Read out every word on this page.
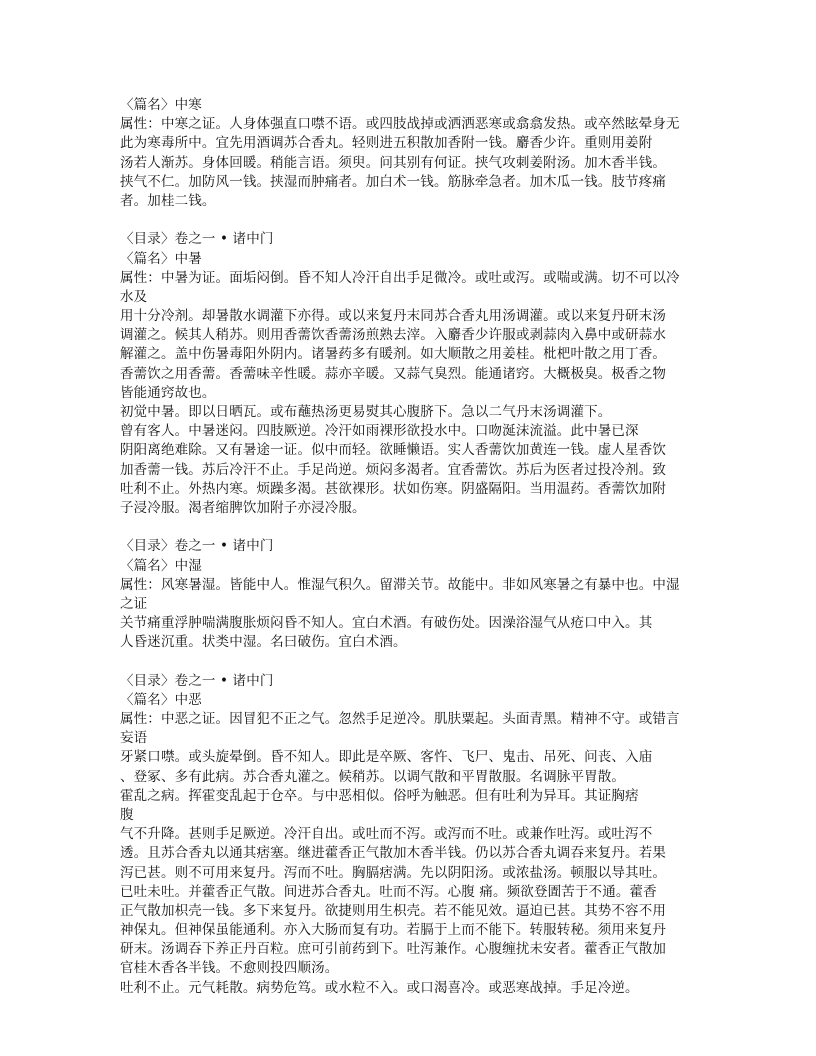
〈篇名〉中寒
属性：中寒之证。人身体强直口噤不语。或四肢战掉或洒洒恶寒或翕翕发热。或卒然眩晕身无
此为寒毒所中。宜先用酒调苏合香丸。轻则进五积散加香附一钱。麝香少许。重则用姜附
汤若人渐苏。身体回暖。稍能言语。须臾。问其别有何证。挟气攻刺姜附汤。加木香半钱。
挟气不仁。加防风一钱。挟湿而肿痛者。加白术一钱。筋脉牵急者。加木瓜一钱。肢节疼痛
者。加桂二钱。
〈目录〉卷之一 • 诸中门
〈篇名〉中暑
属性：中暑为证。面垢闷倒。昏不知人冷汗自出手足微冷。或吐或泻。或喘或满。切不可以冷
水及
用十分冷剂。却暑散水调灌下亦得。或以来复丹末同苏合香丸用汤调灌。或以来复丹研末汤
调灌之。候其人稍苏。则用香薷饮香薷汤煎熟去滓。入麝香少许服或剥蒜肉入鼻中或研蒜水
解灌之。盖中伤暑毒阳外阴内。诸暑药多有暖剂。如大顺散之用姜桂。枇杷叶散之用丁香。
香薷饮之用香薷。香薷味辛性暖。蒜亦辛暖。又蒜气臭烈。能通诸窍。大概极臭。极香之物
皆能通窍故也。
初觉中暑。即以日晒瓦。或布蘸热汤更易熨其心腹脐下。急以二气丹末汤调灌下。
曾有客人。中暑迷闷。四肢厥逆。冷汗如雨裸形欲投水中。口吻涎沫流溢。此中暑已深
阴阳离绝难除。又有暑途一证。似中而轻。欲睡懒语。实人香薷饮加黄连一钱。虚人星香饮
加香薷一钱。苏后冷汗不止。手足尚逆。烦闷多渴者。宜香薷饮。苏后为医者过投冷剂。致
吐利不止。外热内寒。烦躁多渴。甚欲裸形。状如伤寒。阴盛隔阳。当用温药。香薷饮加附
子浸冷服。渴者缩脾饮加附子亦浸冷服。
〈目录〉卷之一 • 诸中门
〈篇名〉中湿
属性：风寒暑湿。皆能中人。惟湿气积久。留滞关节。故能中。非如风寒暑之有暴中也。中湿
之证
关节痛重浮肿喘满腹胀烦闷昏不知人。宜白术酒。有破伤处。因澡浴湿气从疮口中入。其
人昏迷沉重。状类中湿。名曰破伤。宜白术酒。
〈目录〉卷之一 • 诸中门
〈篇名〉中恶
属性：中恶之证。因冒犯不正之气。忽然手足逆冷。肌肤粟起。头面青黑。精神不守。或错言
妄语
牙紧口噤。或头旋晕倒。昏不知人。即此是卒厥、客忤、飞尸、鬼击、吊死、问丧、入庙
、登冢、多有此病。苏合香丸灌之。候稍苏。以调气散和平胃散服。名调脉平胃散。
霍乱之病。挥霍变乱起于仓卒。与中恶相似。俗呼为触恶。但有吐利为异耳。其证胸痞
腹
气不升降。甚则手足厥逆。冷汗自出。或吐而不泻。或泻而不吐。或兼作吐泻。或吐泻不
透。且苏合香丸以通其痞塞。继进藿香正气散加木香半钱。仍以苏合香丸调吞来复丹。若果
泻已甚。则不可用来复丹。泻而不吐。胸膈痞满。先以阴阳汤。或浓盐汤。顿服以导其吐。
已吐未吐。并藿香正气散。间进苏合香丸。吐而不泻。心腹 痛。频欲登圊苦于不通。藿香
正气散加枳壳一钱。多下来复丹。欲捷则用生枳壳。若不能见效。逼迫已甚。其势不容不用
神保丸。但神保虽能通利。亦入大肠而复有功。若膈于上而不能下。转服转秘。须用来复丹
研末。汤调吞下养正丹百粒。庶可引前药到下。吐泻兼作。心腹缠扰未安者。藿香正气散加
官桂木香各半钱。不愈则投四顺汤。
吐利不止。元气耗散。病势危笃。或水粒不入。或口渴喜冷。或恶寒战掉。手足冷逆。
